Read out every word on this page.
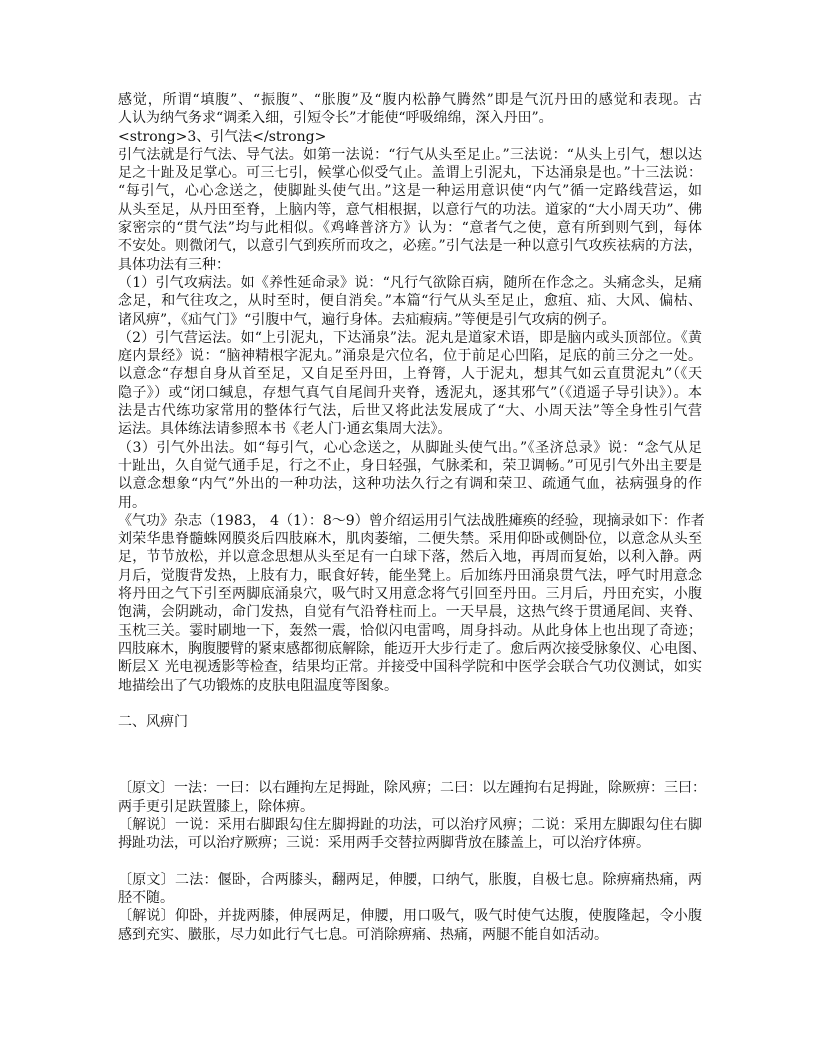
感觉，所谓“填腹”、“振腹”、“胀腹”及“腹内松静气腾然”即是气沉丹田的感觉和表现。古
人认为纳气务求“调柔入细，引短令长”才能使“呼吸绵绵，深入丹田”。
<strong>3、引气法</strong>
引气法就是行气法、导气法。如第一法说：“行气从头至足止。”三法说：“从头上引气，想以达
足之十趾及足掌心。可三七引，候掌心似受气止。盖谓上引泥丸，下达涌泉是也。”十三法说：
“每引气，心心念送之，使脚趾头使气出。”这是一种运用意识使“内气”循一定路线营运，如
从头至足，从丹田至脊，上脑内等，意气相根据，以意行气的功法。道家的“大小周天功”、佛
家密宗的“贯气法”均与此相似。《鸡峰普济方》认为：“意者气之使，意有所到则气到，每体
不安处。则微闭气，以意引气到疾所而攻之，必瘥。”引气法是一种以意引气攻疾祛病的方法，
具体功法有三种：
（1）引气攻病法。如《养性延命录》说：“凡行气欲除百病，随所在作念之。头痛念头，足痛
念足，和气往攻之，从时至时，便自消矣。”本篇“行气从头至足止，愈疽、疝、大风、偏枯、
诸风痹”，《疝气门》“引腹中气，遍行身体。去疝瘕病。”等便是引气攻病的例子。
（2）引气营运法。如“上引泥丸，下达涌泉”法。泥丸是道家术语，即是脑内或头顶部位。《黄
庭内景经》说：“脑神精根字泥丸。”涌泉是穴位名，位于前足心凹陷，足底的前三分之一处。
以意念“存想自身从首至足，又自足至丹田，上脊膂，人于泥丸，想其气如云直贯泥丸”（《天
隐子》）或“闭口缄息，存想气真气自尾闾升夹脊，透泥丸，逐其邪气”（《逍遥子导引诀》）。本
法是古代练功家常用的整体行气法，后世又将此法发展成了“大、小周天法”等全身性引气营
运法。具体练法请参照本书《老人门·通玄集周大法》。
（3）引气外出法。如“每引气，心心念送之，从脚趾头使气出。”《圣济总录》说：“念气从足
十趾出，久自觉气通手足，行之不止，身日轻强，气脉柔和，荣卫调畅。”可见引气外出主要是
以意念想象“内气”外出的一种功法，这种功法久行之有调和荣卫、疏通气血，祛病强身的作
用。
《气功》杂志（1983， 4（1）：8～9）曾介绍运用引气法战胜瘫痪的经验，现摘录如下：作者
刘荣华患脊髓蛛网膜炎后四肢麻木，肌肉萎缩，二便失禁。采用仰卧或侧卧位，以意念从头至
足，节节放松，并以意念思想从头至足有一白球下落，然后入地，再周而复始，以利入静。两
月后，觉腹背发热，上肢有力，眠食好转，能坐凳上。后加练丹田涌泉贯气法，呼气时用意念
将丹田之气下引至两脚底涌泉穴，吸气时又用意念将气引回至丹田。三月后，丹田充实，小腹
饱满，会阴跳动，命门发热，自觉有气沿脊柱而上。一天早晨，这热气终于贯通尾闾、夹脊、
玉枕三关。霎时刷地一下，轰然一震，恰似闪电雷鸣，周身抖动。从此身体上也出现了奇迹；
四肢麻木，胸腹腰臂的紧束感都彻底解除，能迈开大步行走了。愈后两次接受脉象仪、心电图、
断层Ｘ 光电视透影等检查，结果均正常。并接受中国科学院和中医学会联合气功仪测试，如实
地描绘出了气功锻炼的皮肤电阻温度等图象。
二、风痹门
〔原文〕一法：一曰：以右踵拘左足拇趾，除风痹；二曰：以左踵拘右足拇趾，除厥痹：三曰：
两手更引足趺置膝上，除体痹。
〔解说〕一说：采用右脚跟勾住左脚拇趾的功法，可以治疗风痹；二说：采用左脚跟勾住右脚
拇趾功法，可以治疗厥痹；三说：采用两手交替拉两脚背放在膝盖上，可以治疗体痹。
〔原文〕二法：偃卧，合两膝头，翻两足，伸腰，口纳气，胀腹，自极七息。除痹痛热痛，两
胫不随。
〔解说〕仰卧，并拢两膝，伸展两足，伸腰，用口吸气，吸气时使气达腹，使腹隆起，令小腹
感到充实、臌胀，尽力如此行气七息。可消除痹痛、热痛，两腿不能自如活动。
